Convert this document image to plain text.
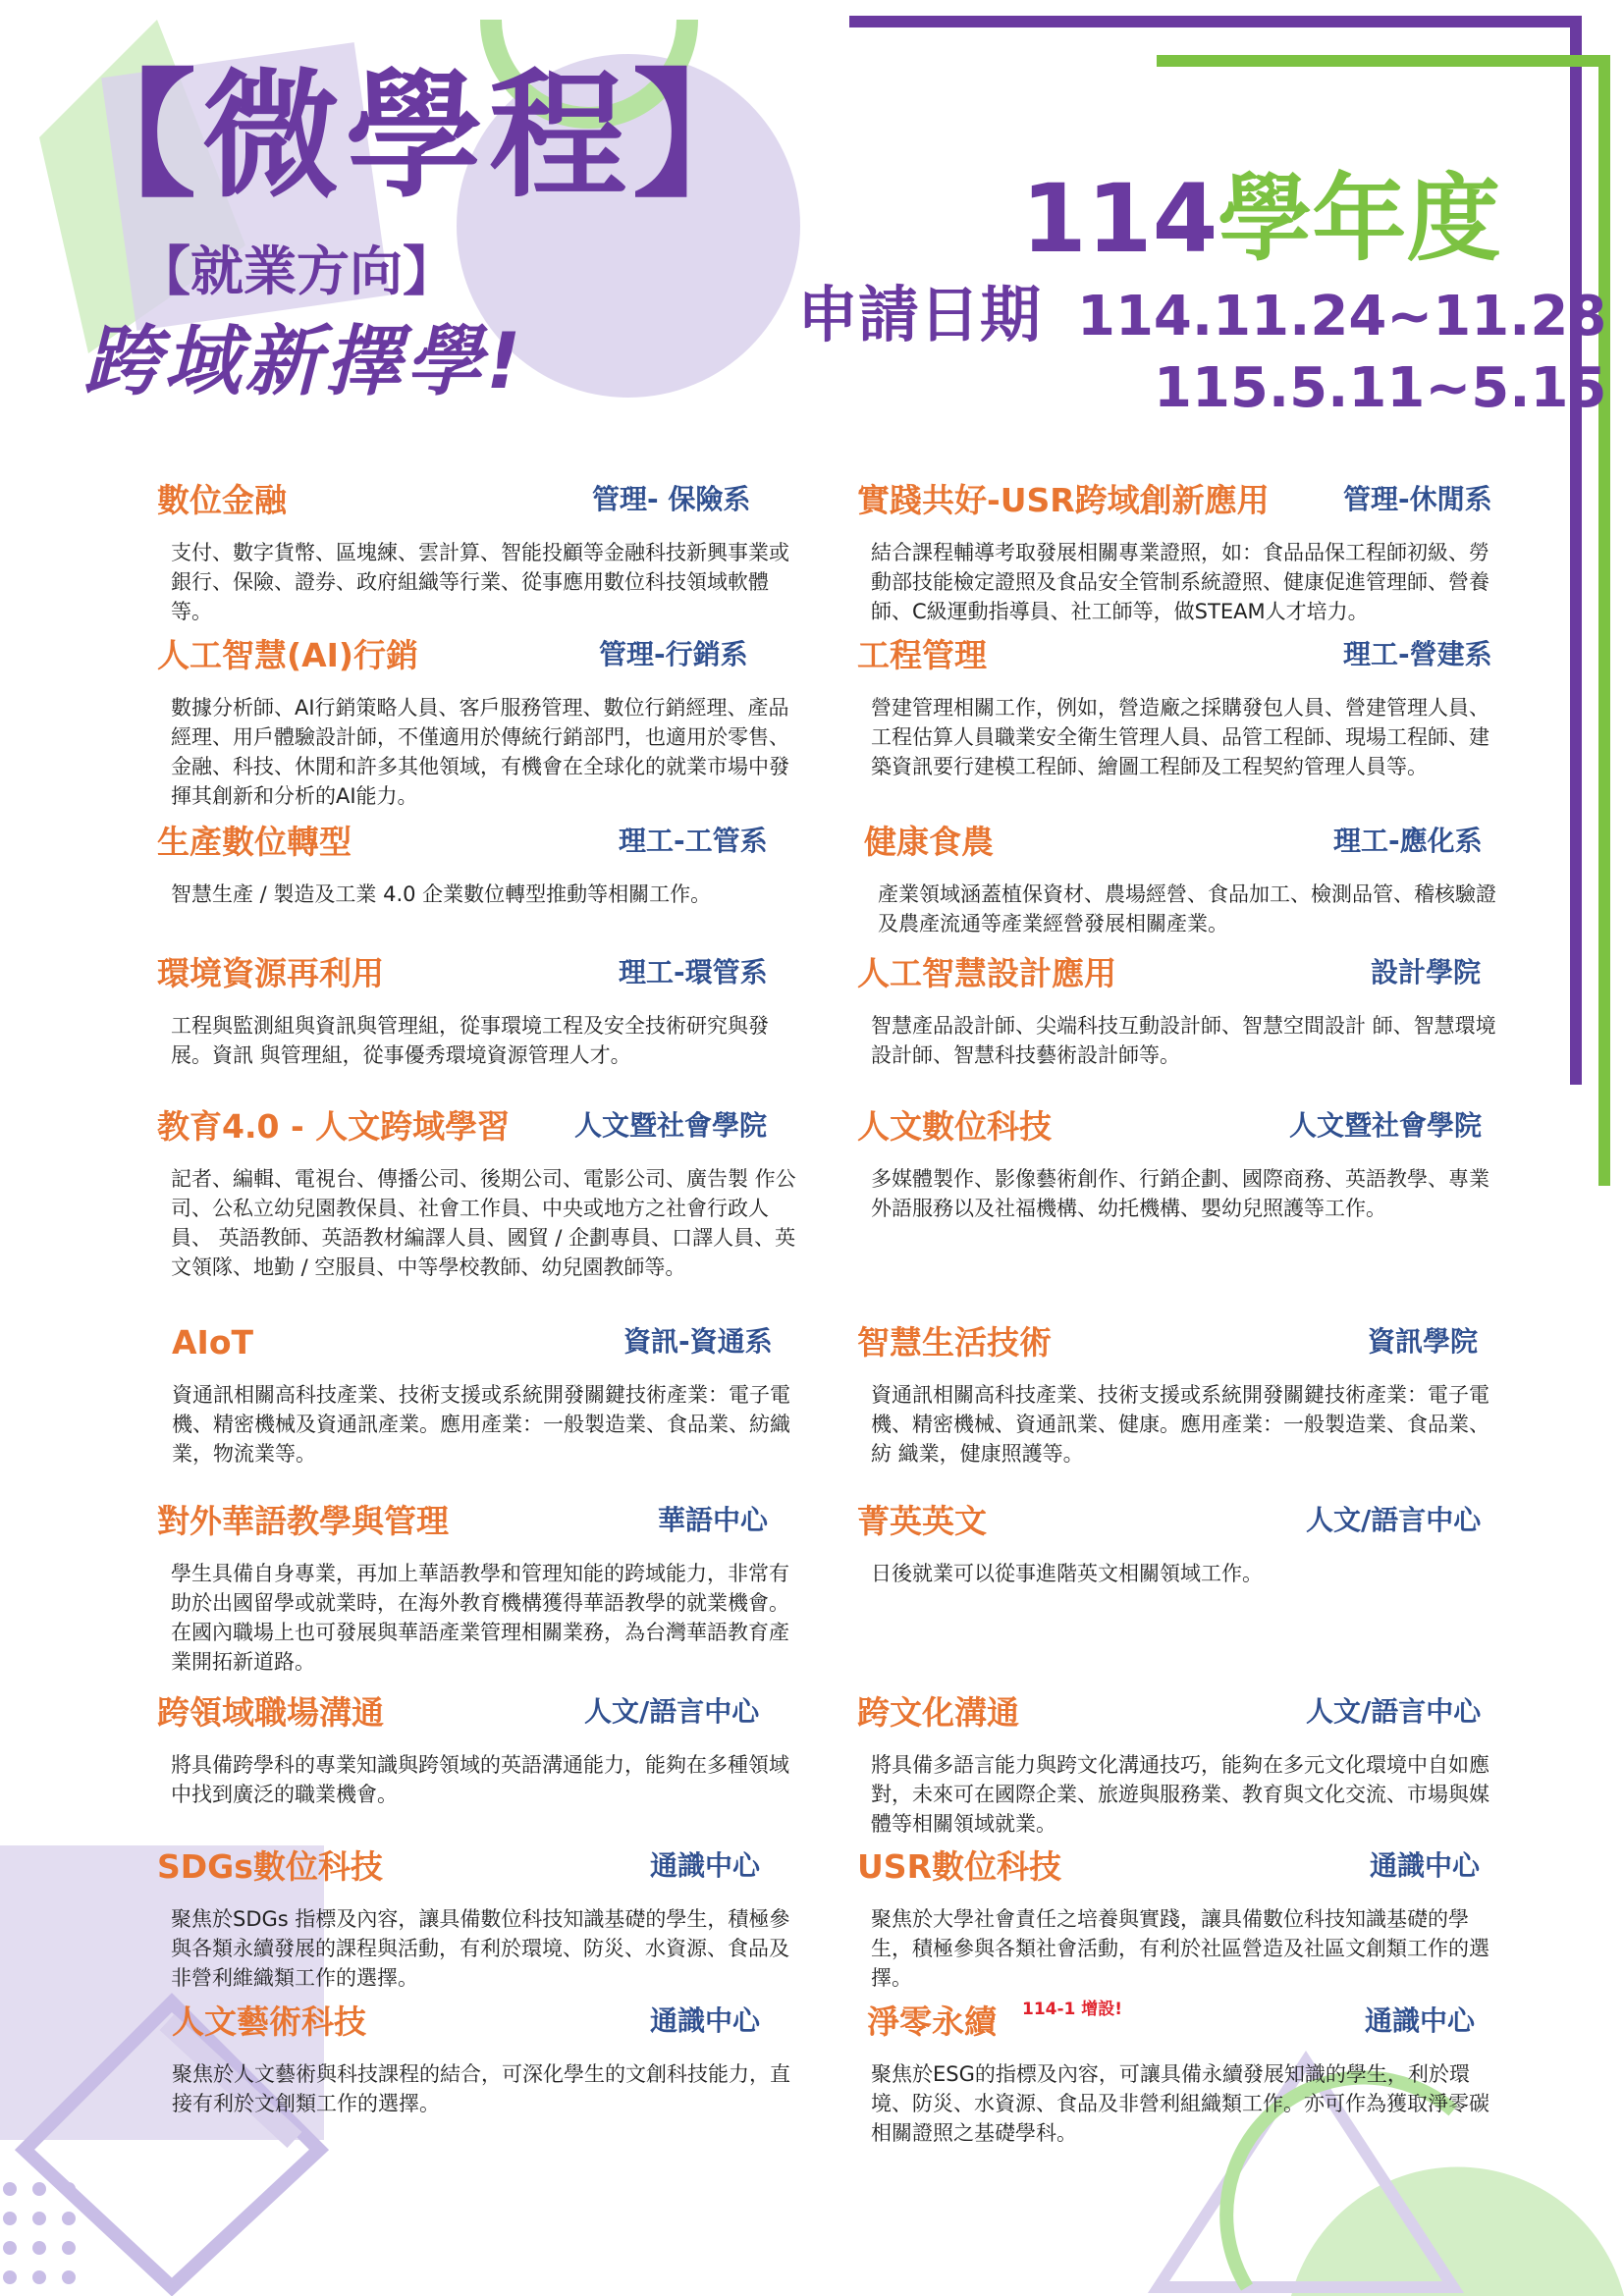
【微學程】
【就業方向】
跨域新擇學!
114學年度
申請日期 114.11.24~11.28
115.5.11~5.15
數位金融	管理- 保險系
支付、數字貨幣、區塊練、雲計算、智能投顧等金融科技新興事業或銀行、保險、證券、政府組織等行業、從事應用數位科技領域軟體等。
實踐共好-USR跨域創新應用	管理-休閒系
結合課程輔導考取發展相關專業證照，如：食品品保工程師初級、勞動部技能檢定證照及食品安全管制系統證照、健康促進管理師、營養師、C級運動指導員、社工師等，做STEAM人才培力。
人工智慧(AI)行銷	管理-行銷系
數據分析師、AI行銷策略人員、客戶服務管理、數位行銷經理、產品經理、用戶體驗設計師，不僅適用於傳統行銷部門，也適用於零售、金融、科技、休閒和許多其他領域，有機會在全球化的就業市場中發揮其創新和分析的AI能力。
工程管理	理工-營建系
營建管理相關工作，例如，營造廠之採購發包人員、營建管理人員、工程估算人員職業安全衛生管理人員、品管工程師、現場工程師、建築資訊要行建模工程師、繪圖工程師及工程契約管理人員等。
生產數位轉型	理工-工管系
智慧生產 / 製造及工業 4.0 企業數位轉型推動等相關工作。
健康食農	理工-應化系
產業領域涵蓋植保資材、農場經營、食品加工、檢測品管、稽核驗證及農產流通等產業經營發展相關產業。
環境資源再利用	理工-環管系
工程與監測組與資訊與管理組，從事環境工程及安全技術研究與發展。資訊 與管理組，從事優秀環境資源管理人才。
人工智慧設計應用	設計學院
智慧產品設計師、尖端科技互動設計師、智慧空間設計 師、智慧環境設計師、智慧科技藝術設計師等。
教育4.0 - 人文跨域學習 人文暨社會學院
記者、編輯、電視台、傳播公司、後期公司、電影公司、廣告製 作公司、公私立幼兒園教保員、社會工作員、中央或地方之社會行政人員、 英語教師、英語教材編譯人員、國貿 / 企劃專員、口譯人員、英文領隊、地勤 / 空服員、中等學校教師、幼兒園教師等。
人文數位科技	人文暨社會學院
多媒體製作、影像藝術創作、行銷企劃、國際商務、英語教學、專業外語服務以及社福機構、幼托機構、嬰幼兒照護等工作。
AIoT	資訊-資通系
資通訊相關高科技產業、技術支援或系統開發關鍵技術產業：電子電機、精密機械及資通訊產業。應用產業：一般製造業、食品業、紡織業，物流業等。
智慧生活技術	資訊學院
資通訊相關高科技產業、技術支援或系統開發關鍵技術產業：電子電機、精密機械、資通訊業、健康。應用產業：一般製造業、食品業、紡 織業，健康照護等。
對外華語教學與管理	華語中心
學生具備自身專業，再加上華語教學和管理知能的跨域能力，非常有助於出國留學或就業時，在海外教育機構獲得華語教學的就業機會。在國內職場上也可發展與華語產業管理相關業務，為台灣華語教育產業開拓新道路。
菁英英文	人文/語言中心
日後就業可以從事進階英文相關領域工作。
跨領域職場溝通	人文/語言中心
將具備跨學科的專業知識與跨領域的英語溝通能力，能夠在多種領域中找到廣泛的職業機會。
跨文化溝通	人文/語言中心
將具備多語言能力與跨文化溝通技巧，能夠在多元文化環境中自如應對，未來可在國際企業、旅遊與服務業、教育與文化交流、市場與媒體等相關領域就業。
SDGs數位科技	通識中心
聚焦於SDGs 指標及內容，讓具備數位科技知識基礎的學生，積極參與各類永續發展的課程與活動，有利於環境、防災、水資源、食品及非營利維織類工作的選擇。
USR數位科技	通識中心
聚焦於大學社會責任之培養與實踐，讓具備數位科技知識基礎的學生，積極參與各類社會活動，有利於社區營造及社區文創類工作的選擇。
人文藝術科技	通識中心
聚焦於人文藝術與科技課程的結合，可深化學生的文創科技能力，直接有利於文創類工作的選擇。
淨零永續 114-1 增設!	通識中心
聚焦於ESG的指標及內容，可讓具備永續發展知識的學生，利於環境、防災、水資源、食品及非營利組織類工作。亦可作為獲取淨零碳相關證照之基礎學科。
